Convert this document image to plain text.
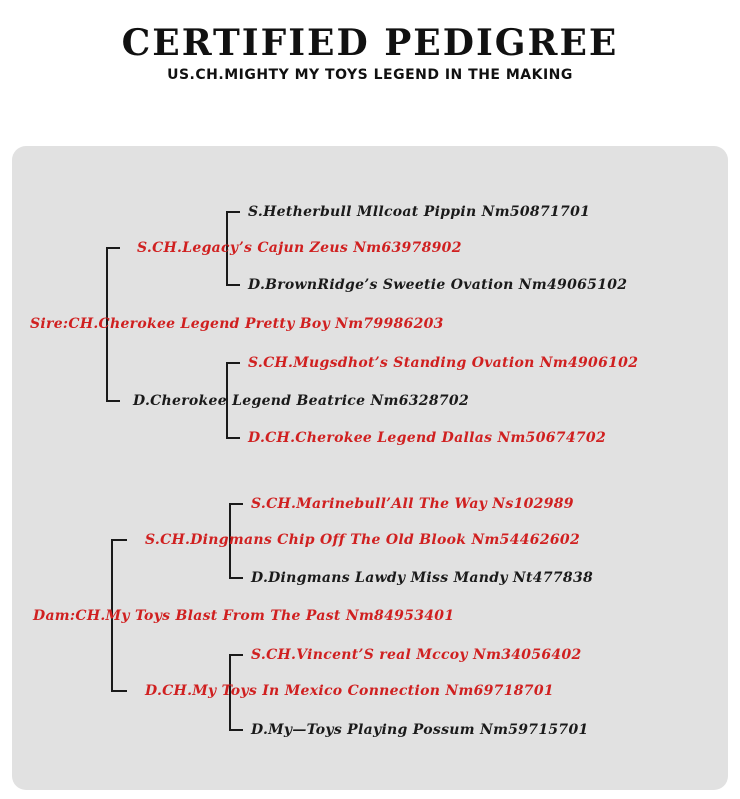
CERTIFIED PEDIGREE
US.CH.MIGHTY MY TOYS LEGEND IN THE MAKING
S.Hetherbull Mllcoat Pippin Nm50871701
S.CH.Legacy’s Cajun Zeus Nm63978902
D.BrownRidge’s Sweetie Ovation Nm49065102
Sire:CH.Cherokee Legend Pretty Boy Nm79986203
S.CH.Mugsdhot’s Standing Ovation Nm4906102
D.Cherokee Legend Beatrice Nm6328702
D.CH.Cherokee Legend Dallas Nm50674702
S.CH.Marinebull’All The Way Ns102989
S.CH.Dingmans Chip Off The Old Blook Nm54462602
D.Dingmans Lawdy Miss Mandy Nt477838
Dam:CH.My Toys Blast From The Past Nm84953401
S.CH.Vincent’S real Mccoy Nm34056402
D.CH.My Toys In Mexico Connection Nm69718701
D.My—Toys Playing Possum Nm59715701
